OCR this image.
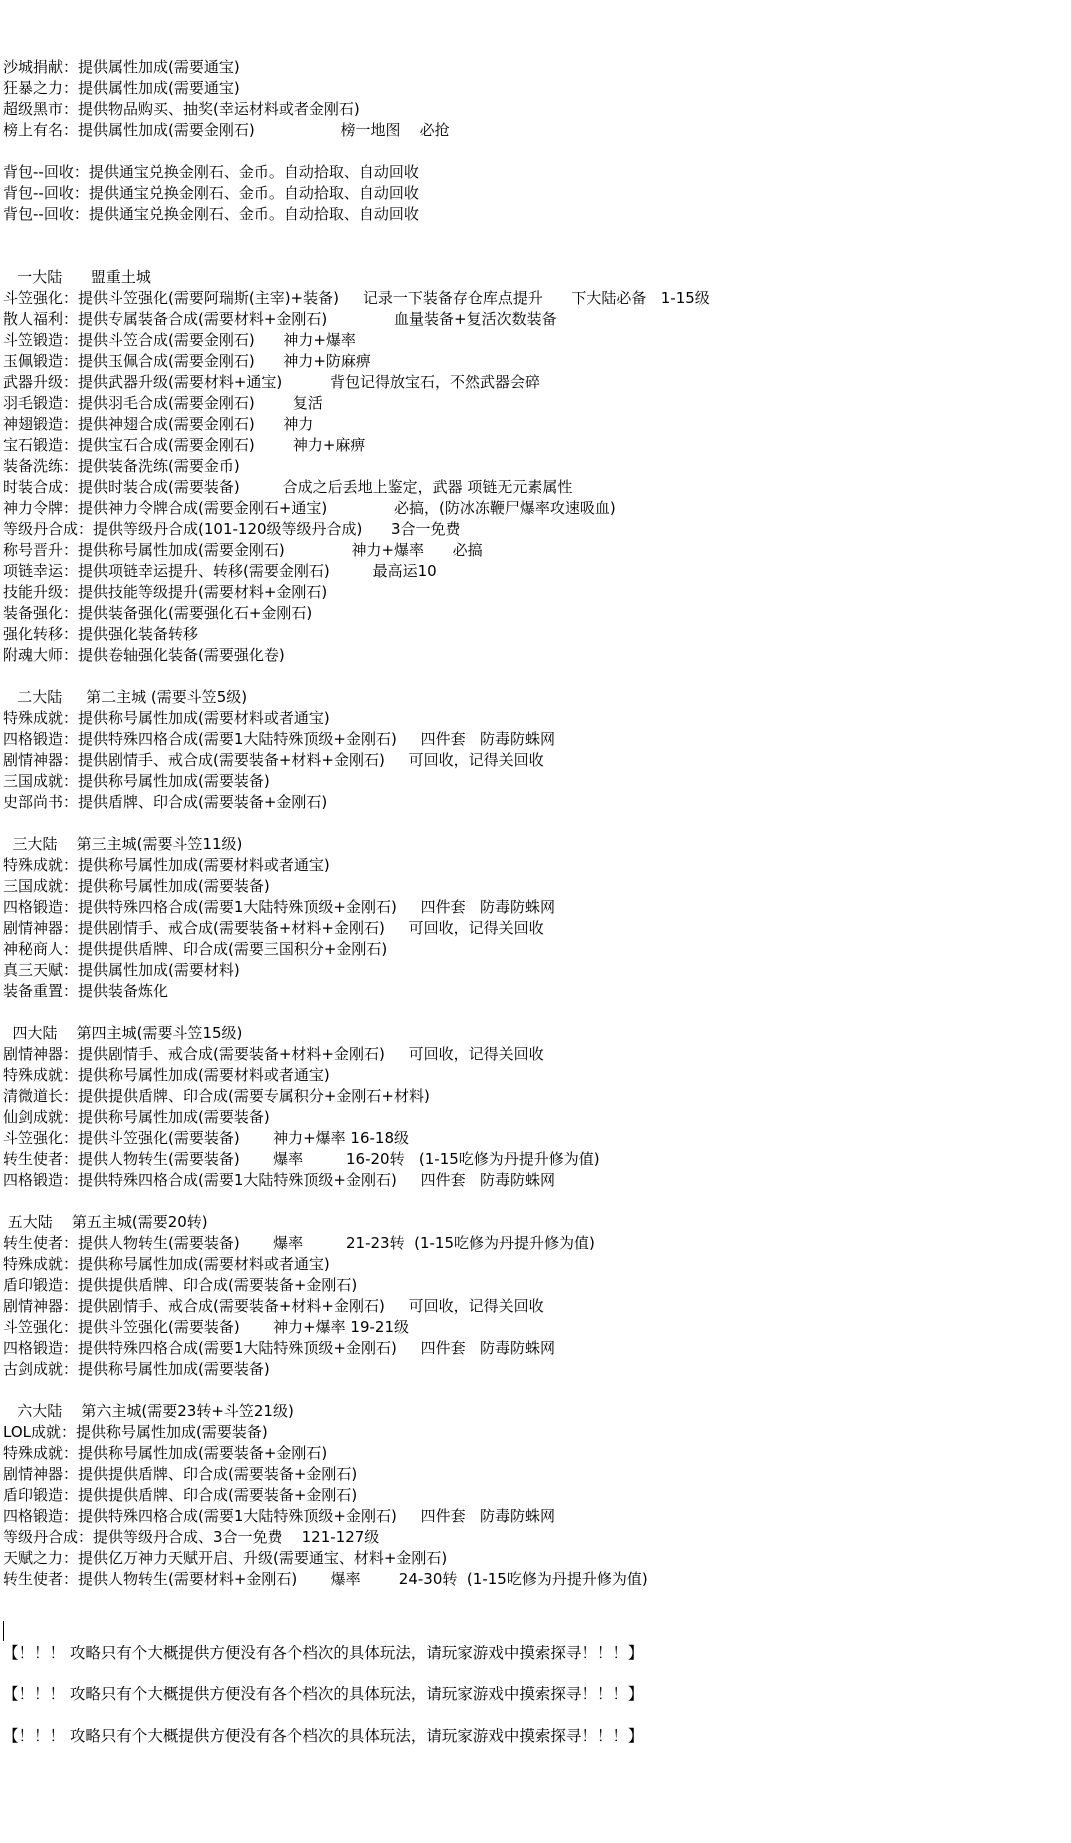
沙城捐献：提供属性加成(需要通宝)
狂暴之力：提供属性加成(需要通宝)
超级黑市：提供物品购买、抽奖(幸运材料或者金刚石)
榜上有名：提供属性加成(需要金刚石)                  榜一地图    必抢
背包--回收：提供通宝兑换金刚石、金币。自动拾取、自动回收
背包--回收：提供通宝兑换金刚石、金币。自动拾取、自动回收
背包--回收：提供通宝兑换金刚石、金币。自动拾取、自动回收
一大陆      盟重土城
斗笠强化：提供斗笠强化(需要阿瑞斯(主宰)+装备)     记录一下装备存仓库点提升      下大陆必备   1-15级
散人福利：提供专属装备合成(需要材料+金刚石)              血量装备+复活次数装备
斗笠锻造：提供斗笠合成(需要金刚石)      神力+爆率
玉佩锻造：提供玉佩合成(需要金刚石)      神力+防麻痹
武器升级：提供武器升级(需要材料+通宝)          背包记得放宝石，不然武器会碎
羽毛锻造：提供羽毛合成(需要金刚石)        复活
神翅锻造：提供神翅合成(需要金刚石)      神力
宝石锻造：提供宝石合成(需要金刚石)        神力+麻痹
装备洗练：提供装备洗练(需要金币)
时装合成：提供时装合成(需要装备)         合成之后丢地上鉴定，武器 项链无元素属性
神力令牌：提供神力令牌合成(需要金刚石+通宝)              必搞，(防冰冻鞭尸爆率攻速吸血)
等级丹合成：提供等级丹合成(101-120级等级丹合成)      3合一免费
称号晋升：提供称号属性加成(需要金刚石)              神力+爆率      必搞
项链幸运：提供项链幸运提升、转移(需要金刚石)         最高运10
技能升级：提供技能等级提升(需要材料+金刚石)
装备强化：提供装备强化(需要强化石+金刚石)
强化转移：提供强化装备转移
附魂大师：提供卷轴强化装备(需要强化卷)
二大陆     第二主城 (需要斗笠5级)
特殊成就：提供称号属性加成(需要材料或者通宝)
四格锻造：提供特殊四格合成(需要1大陆特殊顶级+金刚石)     四件套   防毒防蛛网
剧情神器：提供剧情手、戒合成(需要装备+材料+金刚石)     可回收，记得关回收
三国成就：提供称号属性加成(需要装备)
史部尚书：提供盾牌、印合成(需要装备+金刚石)
三大陆    第三主城(需要斗笠11级)
特殊成就：提供称号属性加成(需要材料或者通宝)
三国成就：提供称号属性加成(需要装备)
四格锻造：提供特殊四格合成(需要1大陆特殊顶级+金刚石)     四件套   防毒防蛛网
剧情神器：提供剧情手、戒合成(需要装备+材料+金刚石)     可回收，记得关回收
神秘商人：提供提供盾牌、印合成(需要三国积分+金刚石)
真三天赋：提供属性加成(需要材料)
装备重置：提供装备炼化
四大陆    第四主城(需要斗笠15级)
剧情神器：提供剧情手、戒合成(需要装备+材料+金刚石)     可回收，记得关回收
特殊成就：提供称号属性加成(需要材料或者通宝)
清微道长：提供提供盾牌、印合成(需要专属积分+金刚石+材料)
仙剑成就：提供称号属性加成(需要装备)
斗笠强化：提供斗笠强化(需要装备)       神力+爆率 16-18级
转生使者：提供人物转生(需要装备)       爆率         16-20转   (1-15吃修为丹提升修为值)
四格锻造：提供特殊四格合成(需要1大陆特殊顶级+金刚石)     四件套   防毒防蛛网
五大陆    第五主城(需要20转)
转生使者：提供人物转生(需要装备)       爆率         21-23转  (1-15吃修为丹提升修为值)
特殊成就：提供称号属性加成(需要材料或者通宝)
盾印锻造：提供提供盾牌、印合成(需要装备+金刚石)
剧情神器：提供剧情手、戒合成(需要装备+材料+金刚石)     可回收，记得关回收
斗笠强化：提供斗笠强化(需要装备)       神力+爆率 19-21级
四格锻造：提供特殊四格合成(需要1大陆特殊顶级+金刚石)     四件套   防毒防蛛网
古剑成就：提供称号属性加成(需要装备)
六大陆    第六主城(需要23转+斗笠21级)
LOL成就：提供称号属性加成(需要装备)
特殊成就：提供称号属性加成(需要装备+金刚石)
剧情神器：提供提供盾牌、印合成(需要装备+金刚石)
盾印锻造：提供提供盾牌、印合成(需要装备+金刚石)
四格锻造：提供特殊四格合成(需要1大陆特殊顶级+金刚石)     四件套   防毒防蛛网
等级丹合成：提供等级丹合成、3合一免费    121-127级
天赋之力：提供亿万神力天赋开启、升级(需要通宝、材料+金刚石)
转生使者：提供人物转生(需要材料+金刚石)       爆率        24-30转  (1-15吃修为丹提升修为值)
【！！！ 攻略只有个大概提供方便没有各个档次的具体玩法，请玩家游戏中摸索探寻！！！】
【！！！ 攻略只有个大概提供方便没有各个档次的具体玩法，请玩家游戏中摸索探寻！！！】
【！！！ 攻略只有个大概提供方便没有各个档次的具体玩法，请玩家游戏中摸索探寻！！！】
